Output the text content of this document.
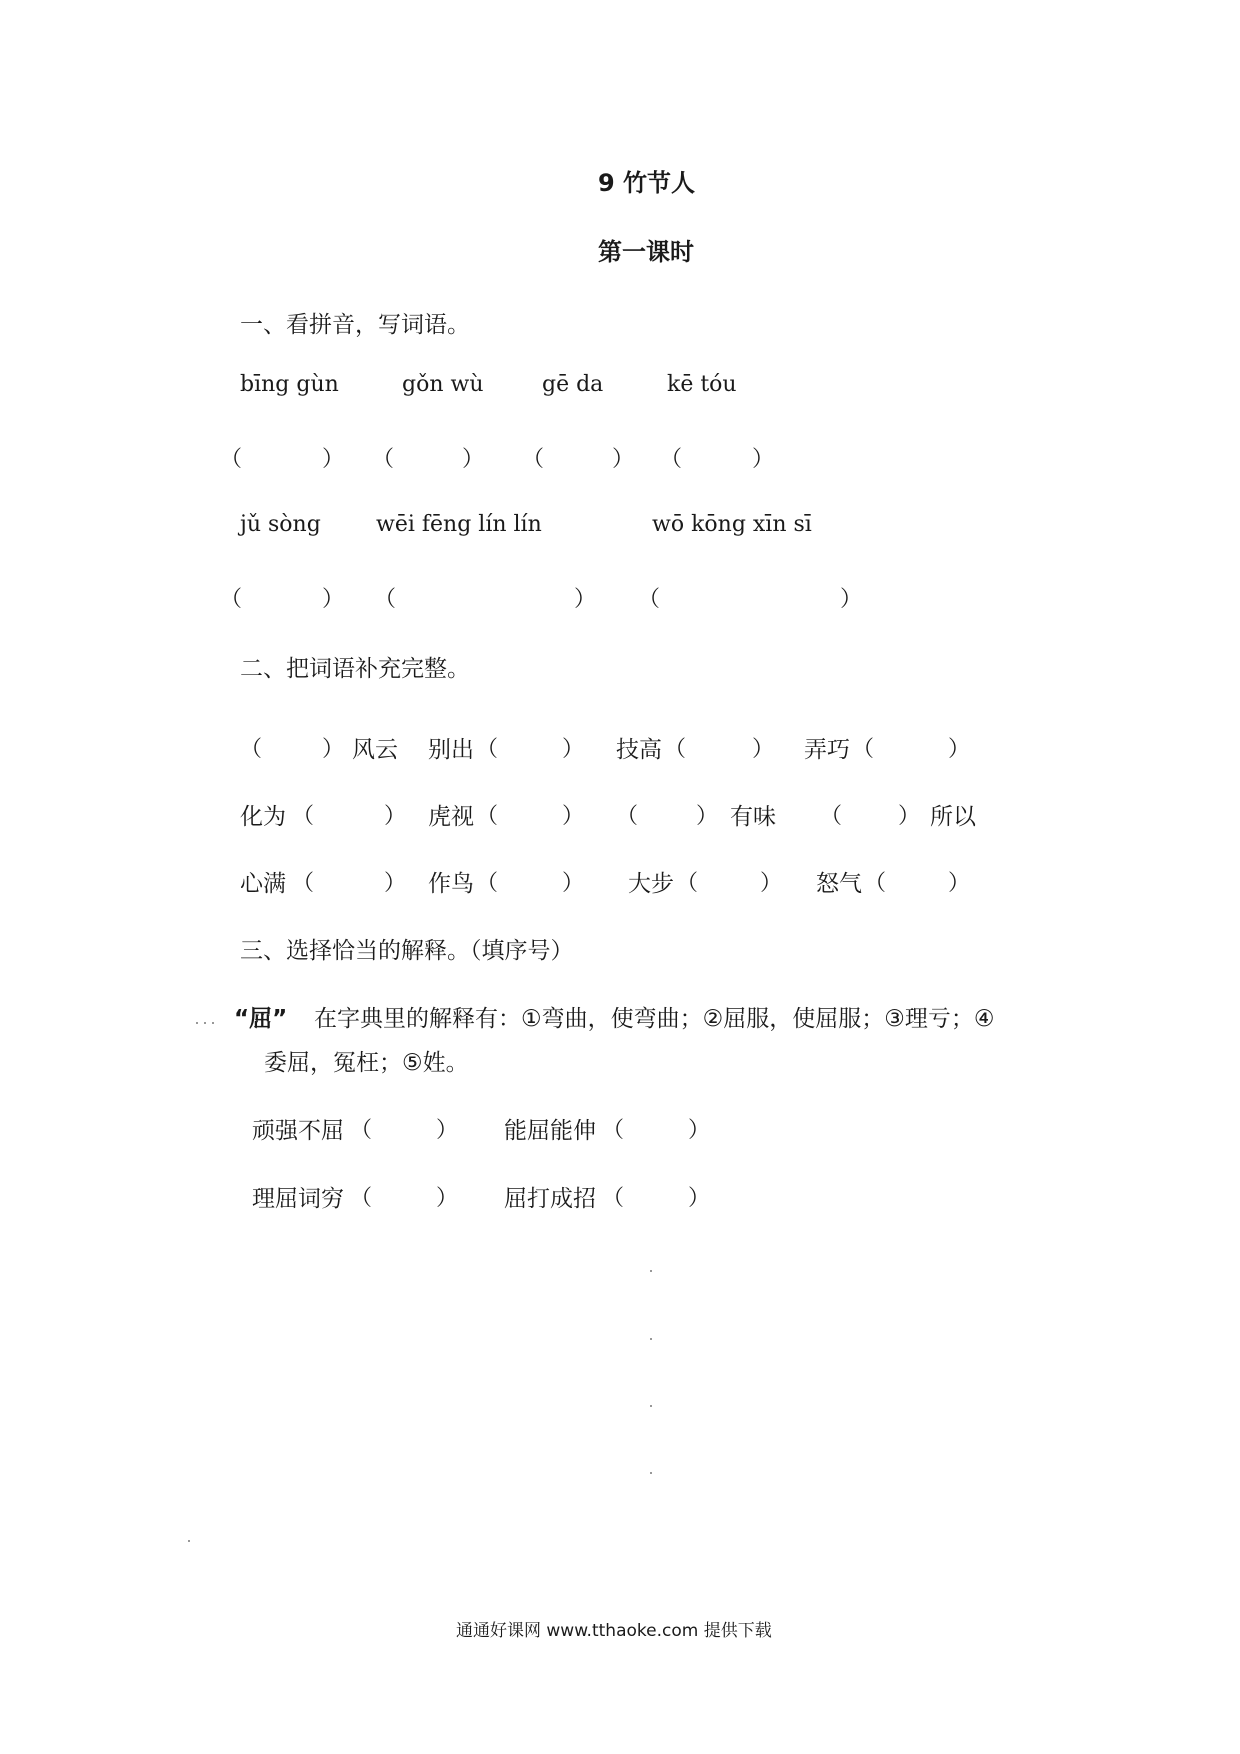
9 竹节人
第一课时
一、看拼音，写词语。
bīng gùn	gǒn wù	gē da	kē tóu
（	） （	） （	） （	）
jǔ sòng	wēi fēng lín lín	wō kōng xīn sī
（	） （	） （	）
二、把词语补充完整。
（	） 风云 别出 （	） 技高 （	） 弄巧 （	）
化为 （	） 虎视 （	） （	） 有味 （	） 所以
心满 （	） 作鸟 （	） 大步 （	） 怒气 （	）
三、选择恰当的解释。（填序号）
“屈” 在字典里的解释有：①弯曲，使弯曲；②屈服，使屈服；③理亏；④
委屈，冤枉；⑤姓。
顽强不屈 （	） 能屈能伸 （	）
理屈词穷 （	） 屈打成招 （	）
通通好课网 www.tthaoke.com 提供下载
